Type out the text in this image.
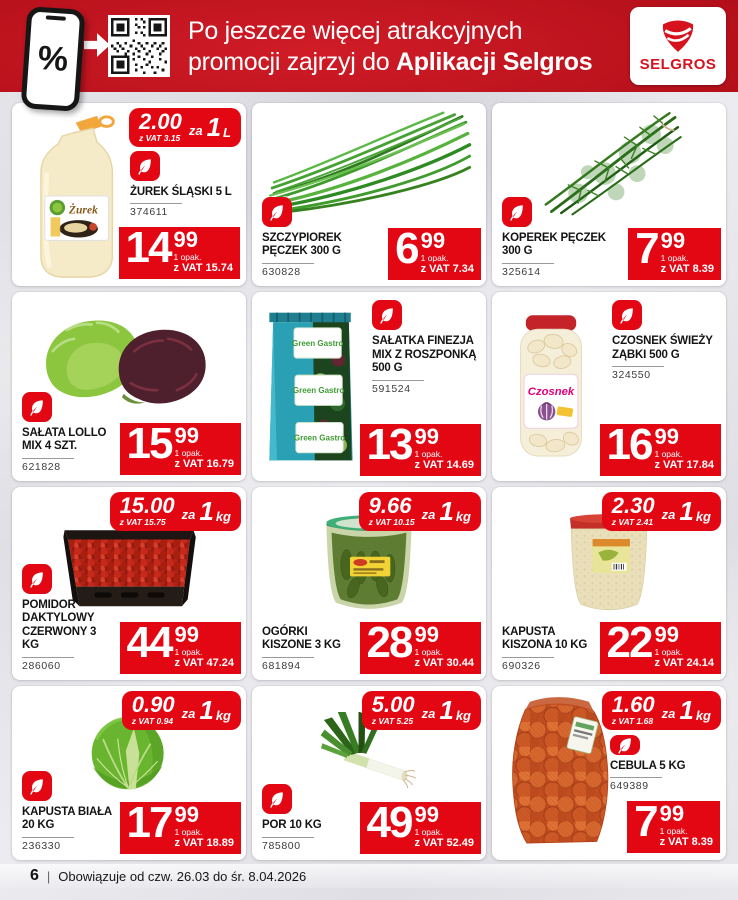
Po jeszcze więcej atrakcyjnych
promocji zajrzyj do Aplikacji Selgros	SELGROS
%
2.00
z VAT 3.15
za 1 L
Żurek
ŻUREK ŚLĄSKI 5 L
374611
14 99
1 opak.
z VAT 15.74
SZCZYPIOREK PĘCZEK 300 G
630828	6 99
1 opak.
z VAT 7.34
KOPEREK PĘCZEK 300 G
325614	7 99
1 opak.
z VAT 8.39
SAŁATA LOLLO MIX 4 SZT.
621828	15 99
1 opak.
z VAT 16.79
Green Gastro
Green Gastro
Green Gastro
SAŁATKA FINEZJA MIX Z ROSZPONKĄ 500 G
591524
13 99
1 opak.
z VAT 14.69
Czosnek
CZOSNEK ŚWIEŻY ZĄBKI 500 G
324550
16 99
1 opak.
z VAT 17.84
15.00
z VAT 15.75
za 1 kg
POMIDOR DAKTYLOWY CZERWONY 3 KG
286060	44 99
1 opak.
z VAT 47.24
9.66
z VAT 10.15
za 1 kg
OGÓRKI KISZONE 3 KG
681894	28 99
1 opak.
z VAT 30.44
2.30
z VAT 2.41
za 1 kg
KAPUSTA KISZONA 10 KG
690326	22 99
1 opak.
z VAT 24.14
0.90
z VAT 0.94
za 1 kg
KAPUSTA BIAŁA 20 KG
236330	17 99
1 opak.
z VAT 18.89
5.00
z VAT 5.25
za 1 kg
POR 10 KG
785800	49 99
1 opak.
z VAT 52.49
1.60
z VAT 1.68
za 1 kg
CEBULA 5 KG
649389
7 99
1 opak.
z VAT 8.39
6 | Obowiązuje od czw. 26.03 do śr. 8.04.2026
